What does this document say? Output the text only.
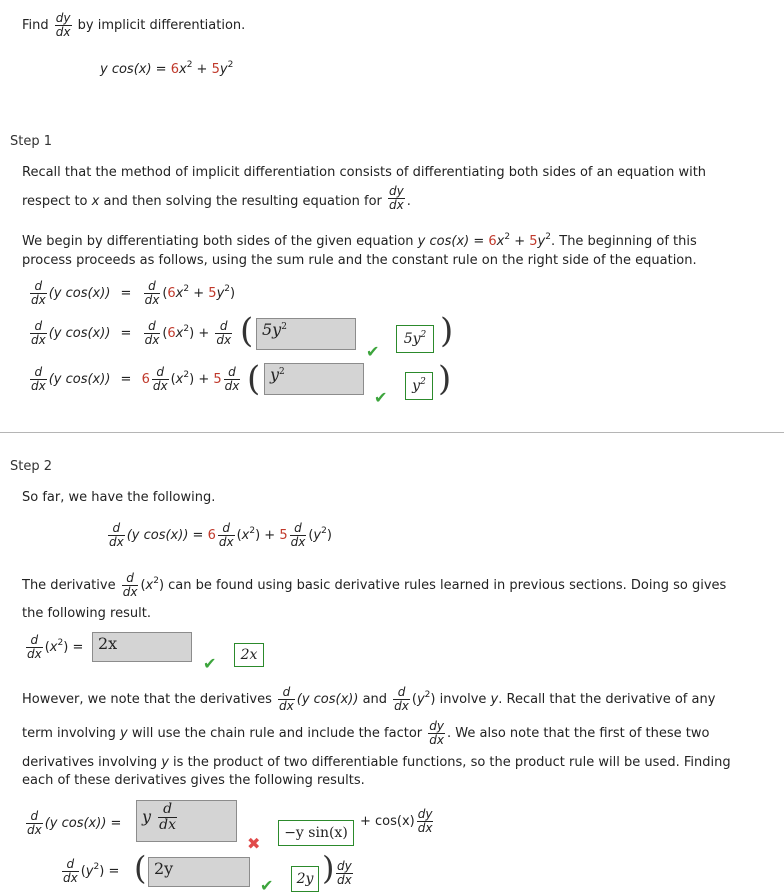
Find $\frac{dy}{dx}$ by implicit differentiation.
y $\cos(x) = 6x^2 + 5y^2$
Step 1
Recall that the method of implicit differentiation consists of differentiating both sides of an equation with
respect to x and then solving the resulting equation for $\frac{dy}{dx}$ .
We begin by differentiating both sides of the given equation y $\cos(x) = 6x^2 + 5y^2$. The beginning of this
process proceeds as follows, using the sum rule and the constant rule on the right side of the equation.
$\frac{d}{dx} (y$ $\cos(x)) = \frac{d}{dx} (6x^2 + 5y^2)$
$\frac{d}{dx} (y$ $\cos(x)) = \frac{d}{dx} (6x^2) + \frac{d}{dx}$ ( $5y^2$
✔
$5y^2$ )
$\frac{d}{dx} (y$ $\cos(x)) = 6 \frac{d}{dx} (x^2) + 5 \frac{d}{dx}$ ( $y^2$
✔
$y^2$ )
Step 2
So far, we have the following.
$\frac{d}{dx} (y$ $\cos(x)) = 6 \frac{d}{dx} (x^2) + 5 \frac{d}{dx} (y^2)$
The derivative $\frac{d}{dx} (x^2)$ can be found using basic derivative rules learned in previous sections. Doing so gives
the following result.
$\frac{d}{dx} (x^2) = 2x$
✔	2x
However, we note that the derivatives $\frac{d}{dx} (y$ cos(x)) and $\frac{d}{dx} (y^2)$ involve y. Recall that the derivative of any
term involving y will use the chain rule and include the factor $\frac{dy}{dx}$ . We also note that the first of these two
derivatives involving y is the product of two differentiable functions, so the product rule will be used. Finding
each of these derivatives gives the following results.
$\frac{d}{dx} (y$ cos(x)) =	y $\frac{d}{dx}$
✖
−y sin(x)
+ $\cos(x) \frac{dy}{dx}$
$\frac{d}{dx} (y^2)$ = ( 2y
✔	2y ) $\frac{dy}{dx}$
